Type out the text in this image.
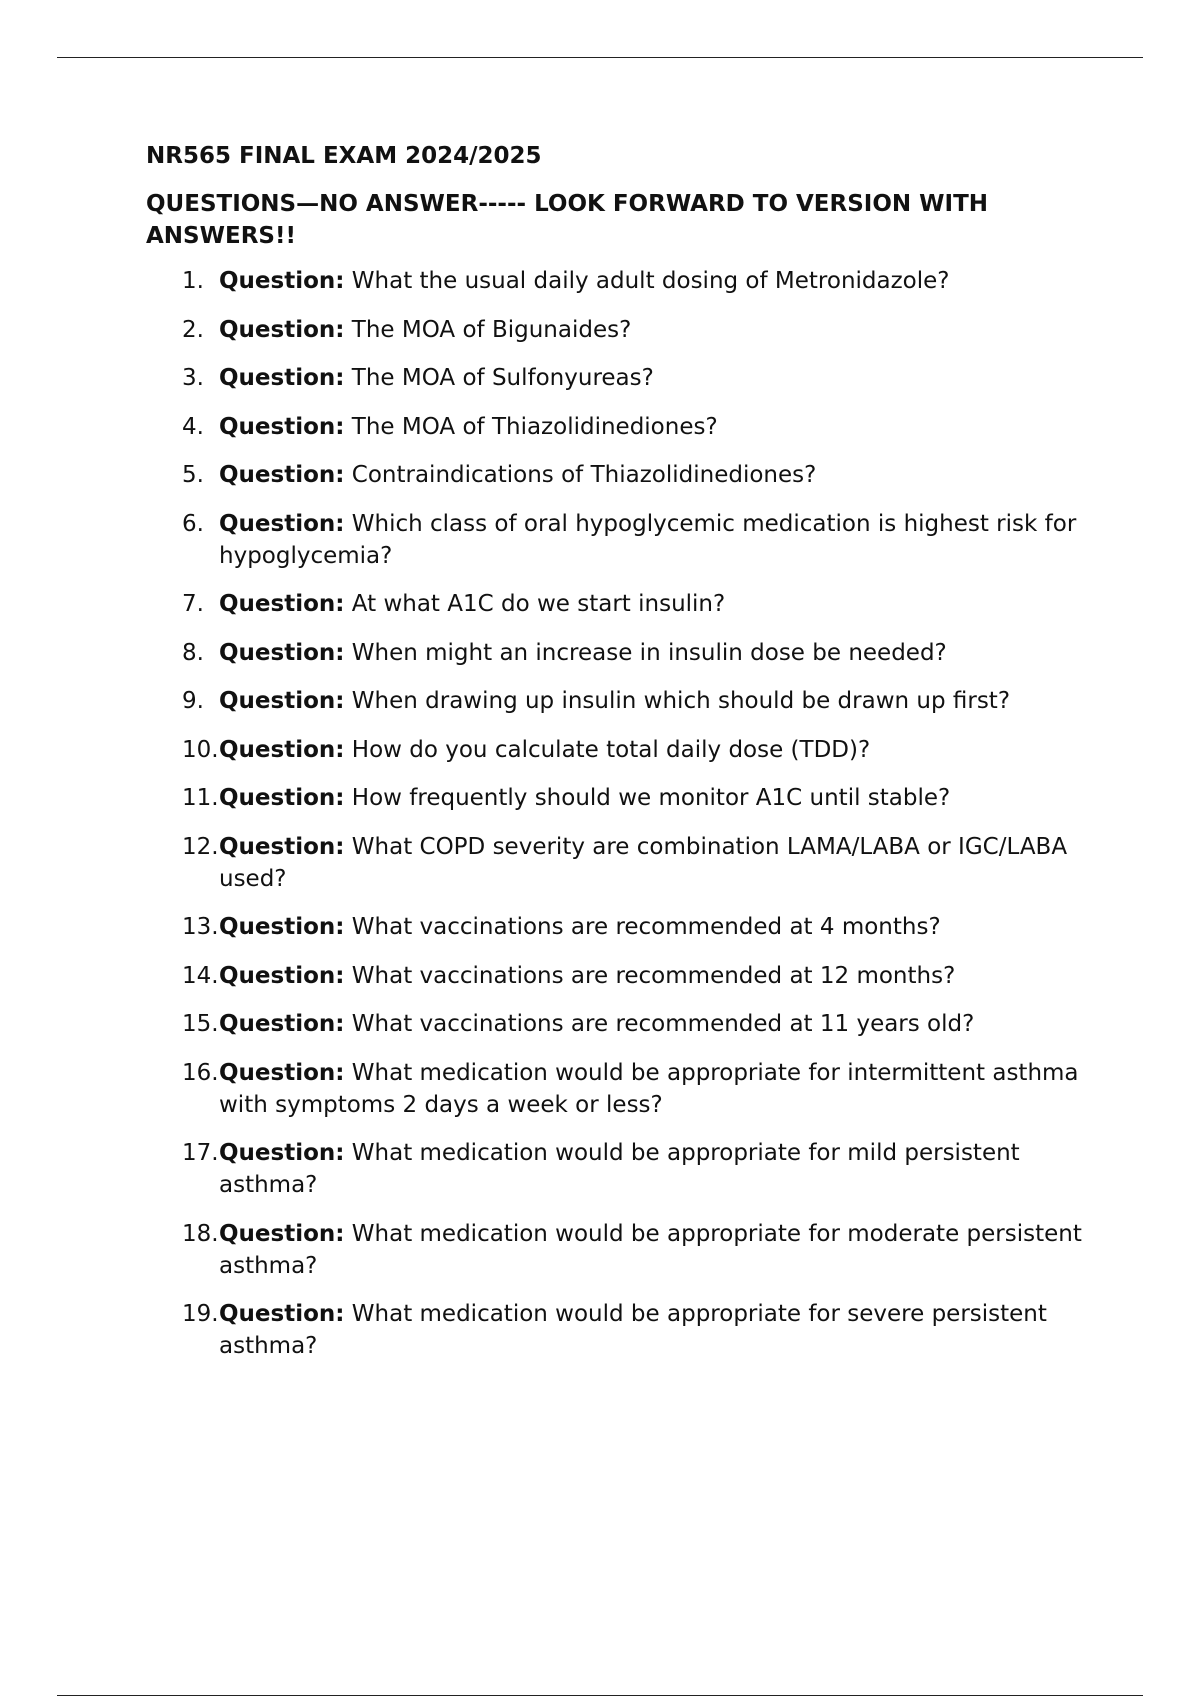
NR565 FINAL EXAM 2024/2025
QUESTIONS—NO ANSWER----- LOOK FORWARD TO VERSION WITH ANSWERS!!
1. Question: What the usual daily adult dosing of Metronidazole?
2. Question: The MOA of Bigunaides?
3. Question: The MOA of Sulfonyureas?
4. Question: The MOA of Thiazolidinediones?
5. Question: Contraindications of Thiazolidinediones?
6. Question: Which class of oral hypoglycemic medication is highest risk for hypoglycemia?
7. Question: At what A1C do we start insulin?
8. Question: When might an increase in insulin dose be needed?
9. Question: When drawing up insulin which should be drawn up first?
10. Question: How do you calculate total daily dose (TDD)?
11. Question: How frequently should we monitor A1C until stable?
12. Question: What COPD severity are combination LAMA/LABA or IGC/LABA used?
13. Question: What vaccinations are recommended at 4 months?
14. Question: What vaccinations are recommended at 12 months?
15. Question: What vaccinations are recommended at 11 years old?
16. Question: What medication would be appropriate for intermittent asthma with symptoms 2 days a week or less?
17. Question: What medication would be appropriate for mild persistent asthma?
18. Question: What medication would be appropriate for moderate persistent asthma?
19. Question: What medication would be appropriate for severe persistent asthma?
